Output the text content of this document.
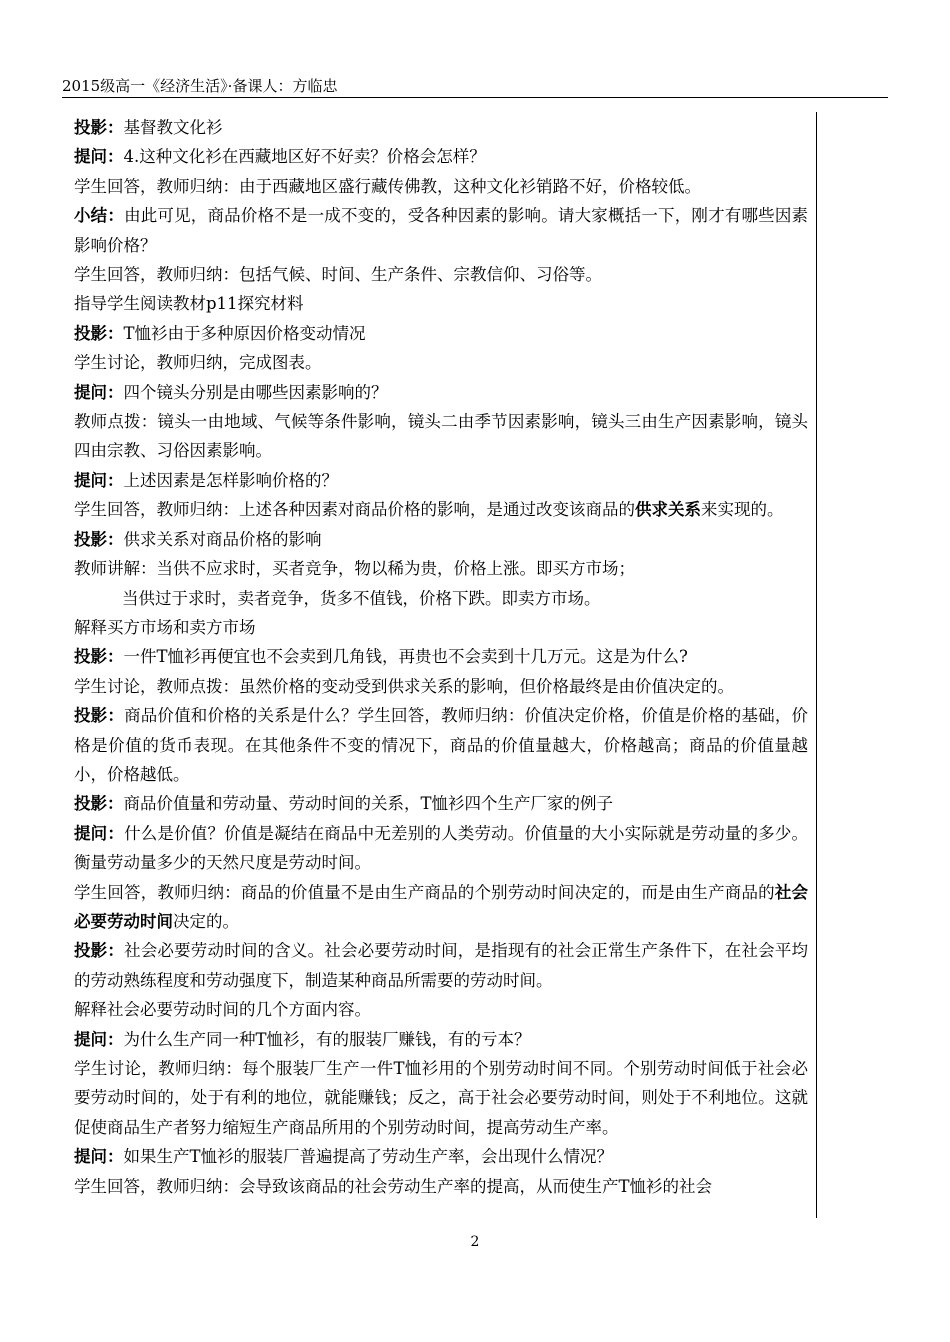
2015级高一《经济生活》·备课人：方临忠

投影：基督教文化衫

提问：4.这种文化衫在西藏地区好不好卖？价格会怎样？

学生回答，教师归纳：由于西藏地区盛行藏传佛教，这种文化衫销路不好，价格较低。

小结：由此可见，商品价格不是一成不变的，受各种因素的影响。请大家概括一下，刚才有哪些因素影响价格？

学生回答，教师归纳：包括气候、时间、生产条件、宗教信仰、习俗等。

指导学生阅读教材p11探究材料

投影：T恤衫由于多种原因价格变动情况

学生讨论，教师归纳，完成图表。

提问：四个镜头分别是由哪些因素影响的？

教师点拨：镜头一由地域、气候等条件影响，镜头二由季节因素影响，镜头三由生产因素影响，镜头四由宗教、习俗因素影响。

提问：上述因素是怎样影响价格的？

学生回答，教师归纳：上述各种因素对商品价格的影响，是通过改变该商品的供求关系来实现的。

投影：供求关系对商品价格的影响

教师讲解：当供不应求时，买者竞争，物以稀为贵，价格上涨。即买方市场；

当供过于求时，卖者竞争，货多不值钱，价格下跌。即卖方市场。

解释买方市场和卖方市场

投影：一件T恤衫再便宜也不会卖到几角钱，再贵也不会卖到十几万元。这是为什么?

学生讨论，教师点拨：虽然价格的变动受到供求关系的影响，但价格最终是由价值决定的。

投影：商品价值和价格的关系是什么？学生回答，教师归纳：价值决定价格，价值是价格的基础，价格是价值的货币表现。在其他条件不变的情况下，商品的价值量越大，价格越高；商品的价值量越小，价格越低。

投影：商品价值量和劳动量、劳动时间的关系，T恤衫四个生产厂家的例子

提问：什么是价值？价值是凝结在商品中无差别的人类劳动。价值量的大小实际就是劳动量的多少。衡量劳动量多少的天然尺度是劳动时间。

学生回答，教师归纳：商品的价值量不是由生产商品的个别劳动时间决定的，而是由生产商品的社会必要劳动时间决定的。

投影：社会必要劳动时间的含义。社会必要劳动时间，是指现有的社会正常生产条件下，在社会平均的劳动熟练程度和劳动强度下，制造某种商品所需要的劳动时间。

解释社会必要劳动时间的几个方面内容。

提问：为什么生产同一种T恤衫，有的服装厂赚钱，有的亏本？

学生讨论，教师归纳：每个服装厂生产一件T恤衫用的个别劳动时间不同。个别劳动时间低于社会必要劳动时间的，处于有利的地位，就能赚钱；反之，高于社会必要劳动时间，则处于不利地位。这就促使商品生产者努力缩短生产商品所用的个别劳动时间，提高劳动生产率。

提问：如果生产T恤衫的服装厂普遍提高了劳动生产率，会出现什么情况？

学生回答，教师归纳：会导致该商品的社会劳动生产率的提高，从而使生产T恤衫的社会

2
